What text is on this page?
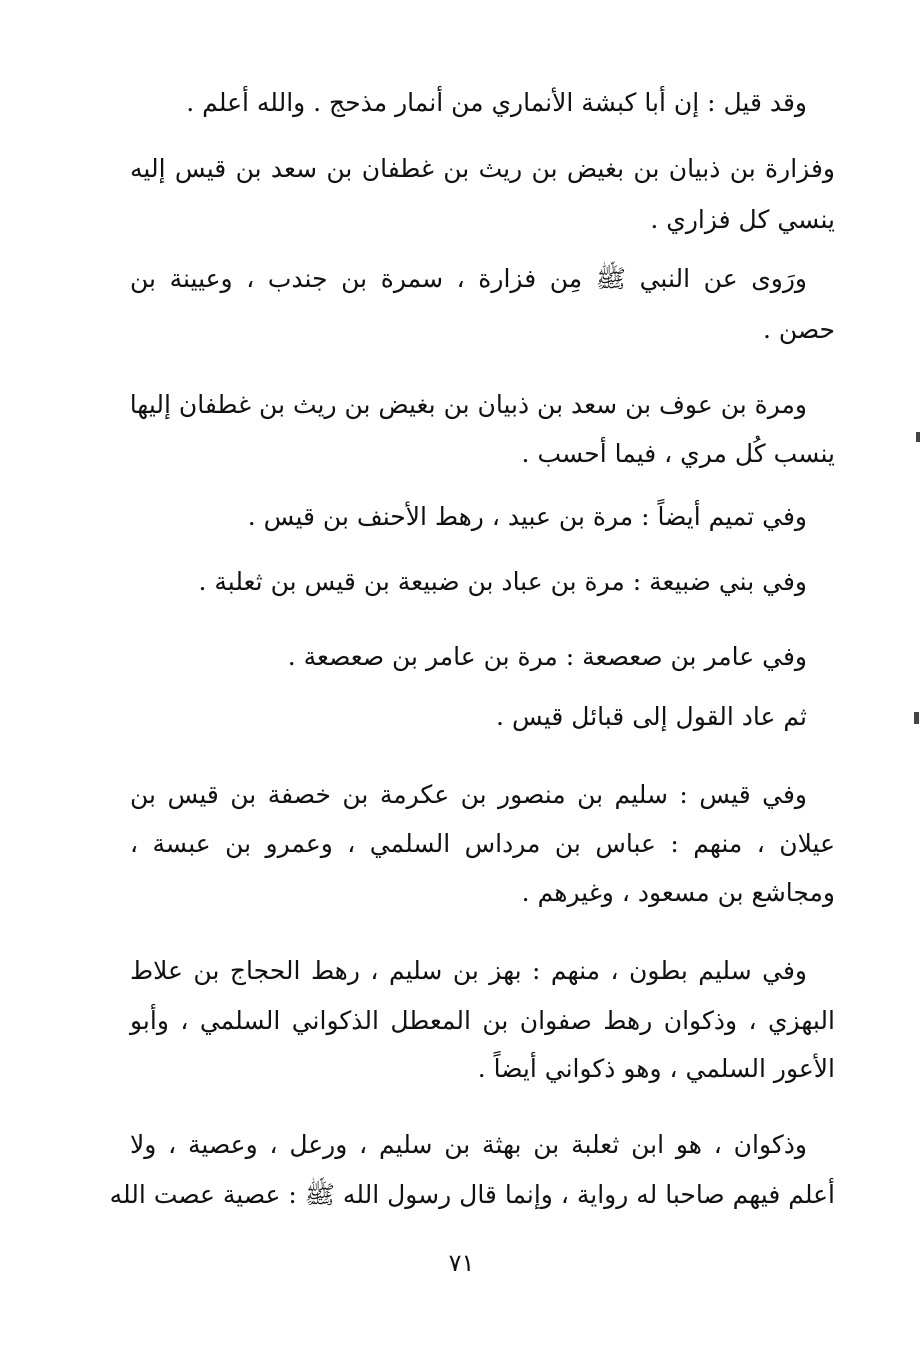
وقد قيل : إن أبا كبشة الأنماري من أنمار مذحج . والله أعلم .
وفزارة بن ذبيان بن بغيض بن ريث بن غطفان بن سعد بن قيس إليه
ينسي كل فزاري .
ورَوى عن النبي ﷺ مِن فزارة ، سمرة بن جندب ، وعيينة بن
حصن .
ومرة بن عوف بن سعد بن ذبيان بن بغيض بن ريث بن غطفان إليها
ينسب كُل مري ، فيما أحسب .
وفي تميم أيضاً : مرة بن عبيد ، رهط الأحنف بن قيس .
وفي بني ضبيعة : مرة بن عباد بن ضبيعة بن قيس بن ثعلبة .
وفي عامر بن صعصعة : مرة بن عامر بن صعصعة .
ثم عاد القول إلى قبائل قيس .
وفي قيس : سليم بن منصور بن عكرمة بن خصفة بن قيس بن
عيلان ، منهم : عباس بن مرداس السلمي ، وعمرو بن عبسة ،
ومجاشع بن مسعود ، وغيرهم .
وفي سليم بطون ، منهم : بهز بن سليم ، رهط الحجاج بن علاط
البهزي ، وذكوان رهط صفوان بن المعطل الذكواني السلمي ، وأبو
الأعور السلمي ، وهو ذكواني أيضاً .
وذكوان ، هو ابن ثعلبة بن بهثة بن سليم ، ورعل ، وعصية ، ولا
أعلم فيهم صاحبا له رواية ، وإنما قال رسول الله ﷺ : عصية عصت الله
٧١
